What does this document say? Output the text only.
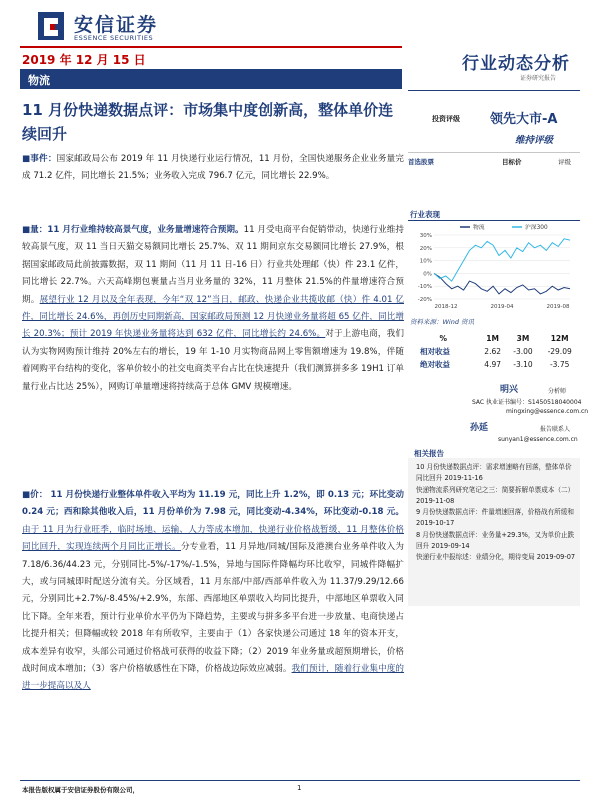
安信证券
ESSENCE SECURITIES
2019 年 12 月 15 日
物流
行业动态分析
证券研究报告
11 月份快递数据点评：市场集中度创新高，整体单价连续回升
■事件：国家邮政局公布 2019 年 11 月快递行业运行情况，11 月份，全国快递服务企业业务量完成 71.2 亿件，同比增长 21.5%；业务收入完成 796.7 亿元，同比增长 22.9%。
■量：11 月行业维持较高景气度，业务量增速符合预期。11 月受电商平台促销带动，快递行业维持较高景气度，双 11 当日天猫交易额同比增长 25.7%、双 11 期间京东交易额同比增长 27.9%，根据国家邮政局此前披露数据，双 11 期间（11 月 11 日-16 日）行业共处理邮（快）件 23.1 亿件，同比增长 22.7%。六天高峰期包裹量占当月业务量的 32%，11 月整体 21.5%的件量增速符合预期。展望行业 12 月以及全年表现，今年“双 12”当日，邮政、快递企业共揽收邮（快）件 4.01 亿件，同比增长 24.6%，再创历史同期新高，国家邮政局预测 12 月快递业务量将超 65 亿件，同比增长 20.3%；预计 2019 年快递业务量将达到 632 亿件，同比增长约 24.6%。对于上游电商，我们认为实物网购预计维持 20%左右的增长，19 年 1-10 月实物商品网上零售额增速为 19.8%，伴随着网购平台结构的变化，客单价较小的社交电商类平台占比在快速提升（我们测算拼多多 19H1 订单量行业占比达 25%），网购订单量增速将持续高于总体 GMV 规模增速。
■价： 11 月份快递行业整体单件收入平均为 11.19 元，同比上升 1.2%，即 0.13 元；环比变动 0.24 元；西和除其他收入后，11 月份单价为 7.98 元，同比变动-4.34%，环比变动-0.18 元。由于 11 月为行业旺季，临时场地、运输、人力等成本增加，快递行业价格战暂缓，11 月整体价格同比回升，实现连续两个月同比正增长。分专业看，11 月异地/同城/国际及港澳台业务单件收入为 7.18/6.36/44.23 元，分别同比-5%/-17%/-1.5%，异地与国际件降幅均环比收窄，同城件降幅扩大，或与同城即时配送分流有关。分区域看，11 月东部/中部/西部单件收入为 11.37/9.29/12.66 元，分别同比+2.7%/-8.45%/+2.9%，东部、西部地区单票收入均同比提升，中部地区单票收入同比下降。全年来看，预计行业单价水平仍为下降趋势，主要或与拼多多平台进一步放量、电商快递占比提升相关；但降幅或较 2018 年有所收窄，主要由于（1）各家快递公司通过 18 年的资本开支，成本差异有收窄，头部公司通过价格战可获得的收益下降；（2）2019 年业务量或超预期增长，价格战时间成本增加；（3）客户价格敏感性在下降，价格战边际效应减弱。我们预计，随着行业集中度的进一步提高以及人
投资评级 领先大市-A
维持评级
首选股票	目标价	评级
行业表现
30%
20%
10%
0%
-10%
-20%
2018-12	2019-04	2019-08
物流	沪深300
资料来源：Wind 资讯
%	1M	3M	12M
相对收益	2.62	-3.00	-29.09
绝对收益	4.97	-3.10	-3.75
明兴	分析师
SAC 执业证书编号：S1450518040004
mingxing@essence.com.cn
孙延	报告联系人
sunyan1@essence.com.cn
相关报告
10 月份快递数据点评：需求增速略有回落，整体单价同比回升 2019-11-16
快递物流系列研究笔记之三：简要拆解单票成本（二） 2019-11-08
9 月份快递数据点评：件量增速回落，价格战有所缓和 2019-10-17
8 月份快递数据点评：业务量+29.3%，又为单价止跌回升 2019-09-14
快递行业中报综述：业绩分化，期待变局 2019-09-07
本报告版权属于安信证券股份有限公司，	1
